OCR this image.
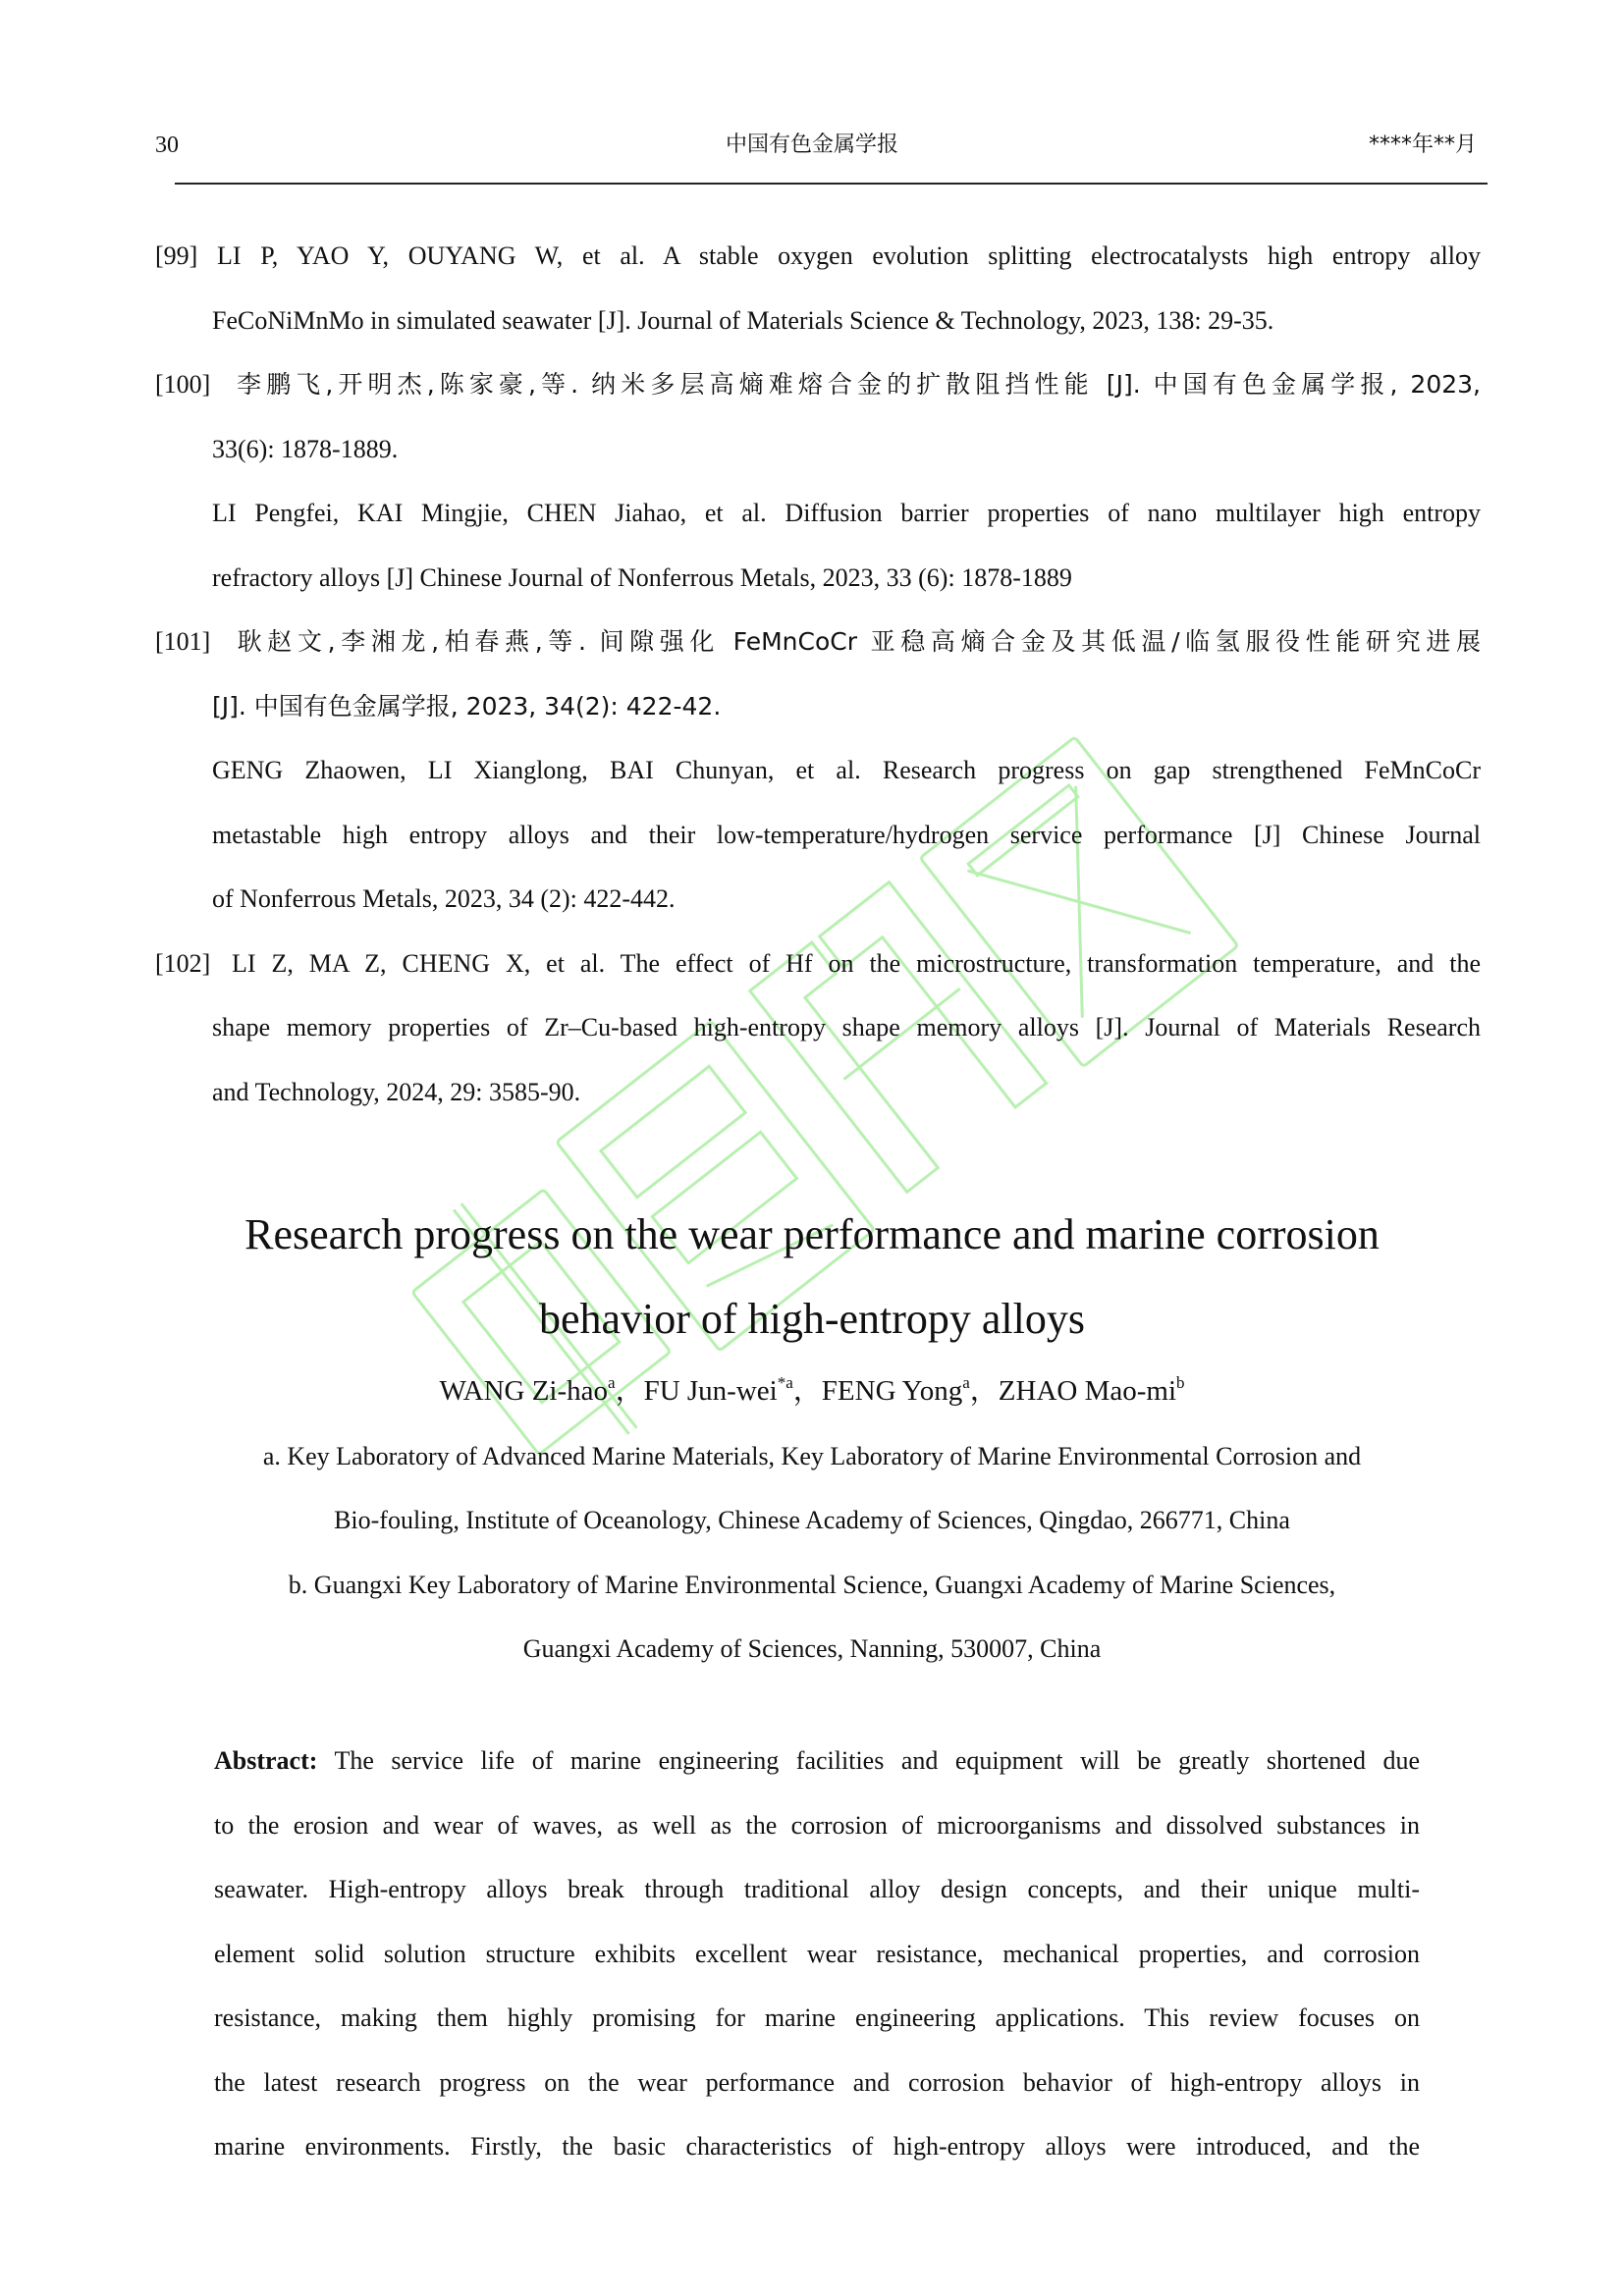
30	中国有色金属学报	****年**月
[99] LI P, YAO Y, OUYANG W, et al. A stable oxygen evolution splitting electrocatalysts high entropy alloy
FeCoNiMnMo in simulated seawater [J]. Journal of Materials Science & Technology, 2023, 138: 29-35.
[100] 李鹏飞,开明杰,陈家豪,等. 纳米多层高熵难熔合金的扩散阻挡性能 [J]. 中国有色金属学报, 2023,
33(6): 1878-1889.
LI Pengfei, KAI Mingjie, CHEN Jiahao, et al. Diffusion barrier properties of nano multilayer high entropy
refractory alloys [J] Chinese Journal of Nonferrous Metals, 2023, 33 (6): 1878-1889
[101] 耿赵文,李湘龙,柏春燕,等. 间隙强化 FeMnCoCr 亚稳高熵合金及其低温/临氢服役性能研究进展
[J]. 中国有色金属学报, 2023, 34(2): 422-42.
GENG Zhaowen, LI Xianglong, BAI Chunyan, et al. Research progress on gap strengthened FeMnCoCr
metastable high entropy alloys and their low-temperature/hydrogen service performance [J] Chinese Journal
of Nonferrous Metals, 2023, 34 (2): 422-442.
[102] LI Z, MA Z, CHENG X, et al. The effect of Hf on the microstructure, transformation temperature, and the
shape memory properties of Zr–Cu-based high-entropy shape memory alloys [J]. Journal of Materials Research
and Technology, 2024, 29: 3585-90.
Research progress on the wear performance and marine corrosion
behavior of high-entropy alloys
WANG Zi-hao$^a$，FU Jun-wei$^{*a}$，FENG Yong$^a$，ZHAO Mao-$mi^b$
a. Key Laboratory of Advanced Marine Materials, Key Laboratory of Marine Environmental Corrosion and
Bio-fouling, Institute of Oceanology, Chinese Academy of Sciences, Qingdao, 266771, China
b. Guangxi Key Laboratory of Marine Environmental Science, Guangxi Academy of Marine Sciences,
Guangxi Academy of Sciences, Nanning, 530007, China
Abstract: The service life of marine engineering facilities and equipment will be greatly shortened due
to the erosion and wear of waves, as well as the corrosion of microorganisms and dissolved substances in
seawater. High-entropy alloys break through traditional alloy design concepts, and their unique multi-
element solid solution structure exhibits excellent wear resistance, mechanical properties, and corrosion
resistance, making them highly promising for marine engineering applications. This review focuses on
the latest research progress on the wear performance and corrosion behavior of high-entropy alloys in
marine environments. Firstly, the basic characteristics of high-entropy alloys were introduced, and the
